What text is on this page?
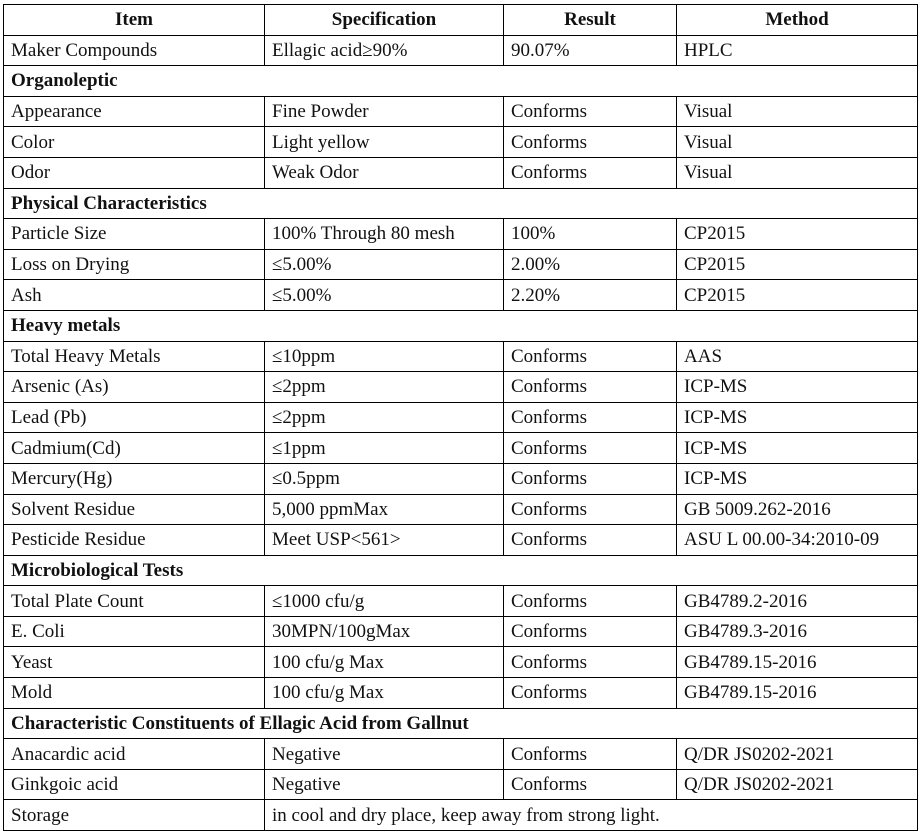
Item	Specification	Result	Method
Maker Compounds	Ellagic acid≥90%	90.07%	HPLC
Organoleptic			
Appearance	Fine Powder	Conforms	Visual
Color	Light yellow	Conforms	Visual
Odor	Weak Odor	Conforms	Visual
Physical Characteristics			
Particle Size	100% Through 80 mesh	100%	CP2015
Loss on Drying	≤5.00%	2.00%	CP2015
Ash	≤5.00%	2.20%	CP2015
Heavy metals			
Total Heavy Metals	≤10ppm	Conforms	AAS
Arsenic (As)	≤2ppm	Conforms	ICP-MS
Lead (Pb)	≤2ppm	Conforms	ICP-MS
Cadmium(Cd)	≤1ppm	Conforms	ICP-MS
Mercury(Hg)	≤0.5ppm	Conforms	ICP-MS
Solvent Residue	5,000 ppmMax	Conforms	GB 5009.262-2016
Pesticide Residue	Meet USP<561>	Conforms	ASU L 00.00-34:2010-09
Microbiological Tests			
Total Plate Count	≤1000 cfu/g	Conforms	GB4789.2-2016
E. Coli	30MPN/100gMax	Conforms	GB4789.3-2016
Yeast	100 cfu/g Max	Conforms	GB4789.15-2016
Mold	100 cfu/g Max	Conforms	GB4789.15-2016
Characteristic Constituents of Ellagic Acid from Gallnut			
Anacardic acid	Negative	Conforms	Q/DR JS0202-2021
Ginkgoic acid	Negative	Conforms	Q/DR JS0202-2021
Storage	in cool and dry place, keep away from strong light.		
